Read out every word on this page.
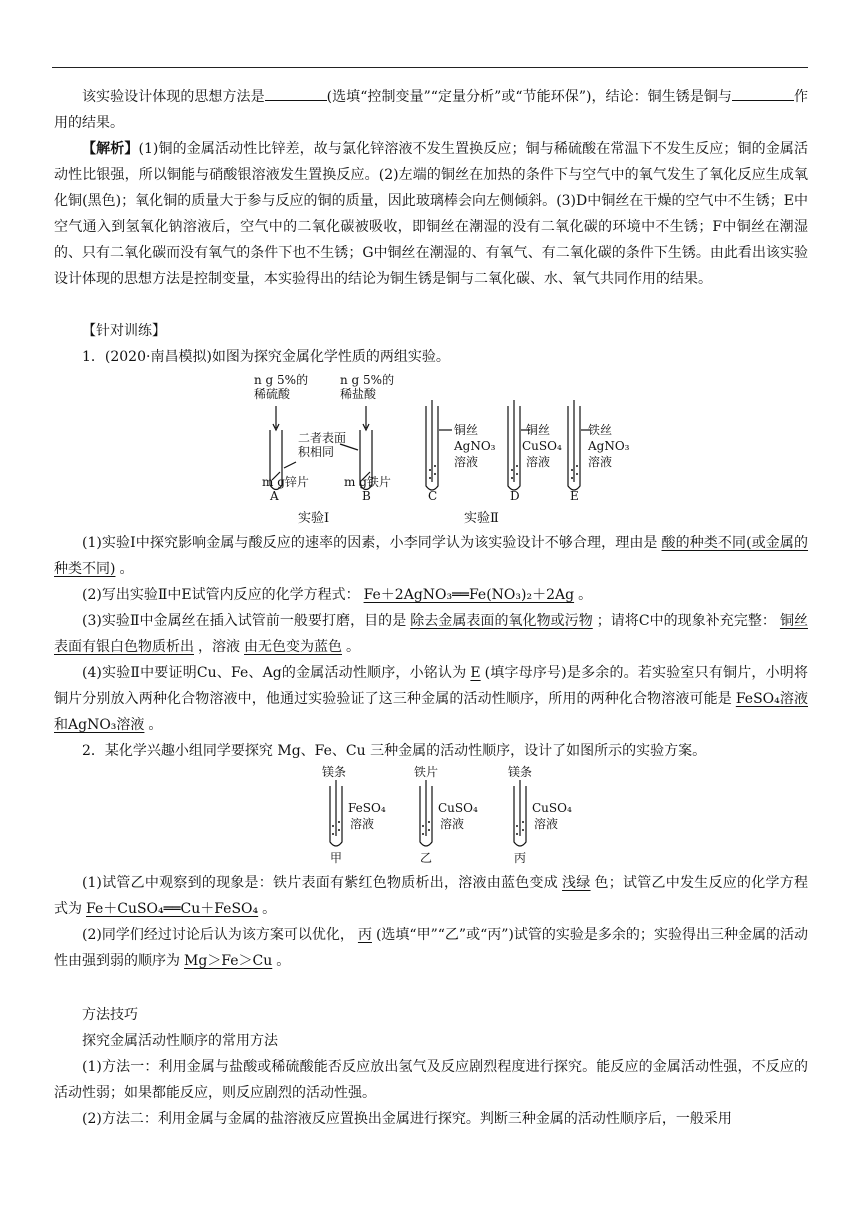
该实验设计体现的思想方法是	(选填“控制变量”“定量分析”或“节能环保”)，结论：铜生锈是铜与	作用的结果。
【解析】(1)铜的金属活动性比锌差，故与氯化锌溶液不发生置换反应；铜与稀硫酸在常温下不发生反应；铜的金属活动性比银强，所以铜能与硝酸银溶液发生置换反应。(2)左端的铜丝在加热的条件下与空气中的氧气发生了氧化反应生成氧化铜(黑色)；氧化铜的质量大于参与反应的铜的质量，因此玻璃棒会向左侧倾斜。(3)D中铜丝在干燥的空气中不生锈；E中空气通入到氢氧化钠溶液后，空气中的二氧化碳被吸收，即铜丝在潮湿的没有二氧化碳的环境中不生锈；F中铜丝在潮湿的、只有二氧化碳而没有氧气的条件下也不生锈；G中铜丝在潮湿的、有氧气、有二氧化碳的条件下生锈。由此看出该实验设计体现的思想方法是控制变量，本实验得出的结论为铜生锈是铜与二氧化碳、水、氧气共同作用的结果。
【针对训练】
1．(2020·南昌模拟)如图为探究金属化学性质的两组实验。
n g 5%的
稀硫酸
n g 5%的
稀盐酸
二者表面
积相同
m g锌片	m g铁片
A	B	C	D	E
铜丝
AgNO₃
溶液
铜丝
CuSO₄
溶液
铁丝
AgNO₃
溶液
实验Ⅰ	实验Ⅱ
(1)实验Ⅰ中探究影响金属与酸反应的速率的因素，小李同学认为该实验设计不够合理，理由是 酸的种类不同(或金属的种类不同) 。
(2)写出实验Ⅱ中E试管内反应的化学方程式： Fe＋2AgNO₃══Fe(NO₃)₂＋2Ag 。
(3)实验Ⅱ中金属丝在插入试管前一般要打磨，目的是 除去金属表面的氧化物或污物 ；请将C中的现象补充完整： 铜丝表面有银白色物质析出 ，溶液 由无色变为蓝色 。
(4)实验Ⅱ中要证明Cu、Fe、Ag的金属活动性顺序，小铭认为 E (填字母序号)是多余的。若实验室只有铜片，小明将铜片分别放入两种化合物溶液中，他通过实验验证了这三种金属的活动性顺序，所用的两种化合物溶液可能是 FeSO₄溶液和AgNO₃溶液 。
2．某化学兴趣小组同学要探究 Mg、Fe、Cu 三种金属的活动性顺序，设计了如图所示的实验方案。
镁条	铁片	镁条
FeSO₄
溶液
CuSO₄
溶液
CuSO₄
溶液
甲	乙	丙
(1)试管乙中观察到的现象是：铁片表面有紫红色物质析出，溶液由蓝色变成 浅绿 色；试管乙中发生反应的化学方程式为 Fe＋CuSO₄══Cu＋FeSO₄ 。
(2)同学们经过讨论后认为该方案可以优化， 丙 (选填“甲”“乙”或“丙”)试管的实验是多余的；实验得出三种金属的活动性由强到弱的顺序为 Mg＞Fe＞Cu 。
方法技巧
探究金属活动性顺序的常用方法
(1)方法一：利用金属与盐酸或稀硫酸能否反应放出氢气及反应剧烈程度进行探究。能反应的金属活动性强，不反应的活动性弱；如果都能反应，则反应剧烈的活动性强。
(2)方法二：利用金属与金属的盐溶液反应置换出金属进行探究。判断三种金属的活动性顺序后，一般采用
